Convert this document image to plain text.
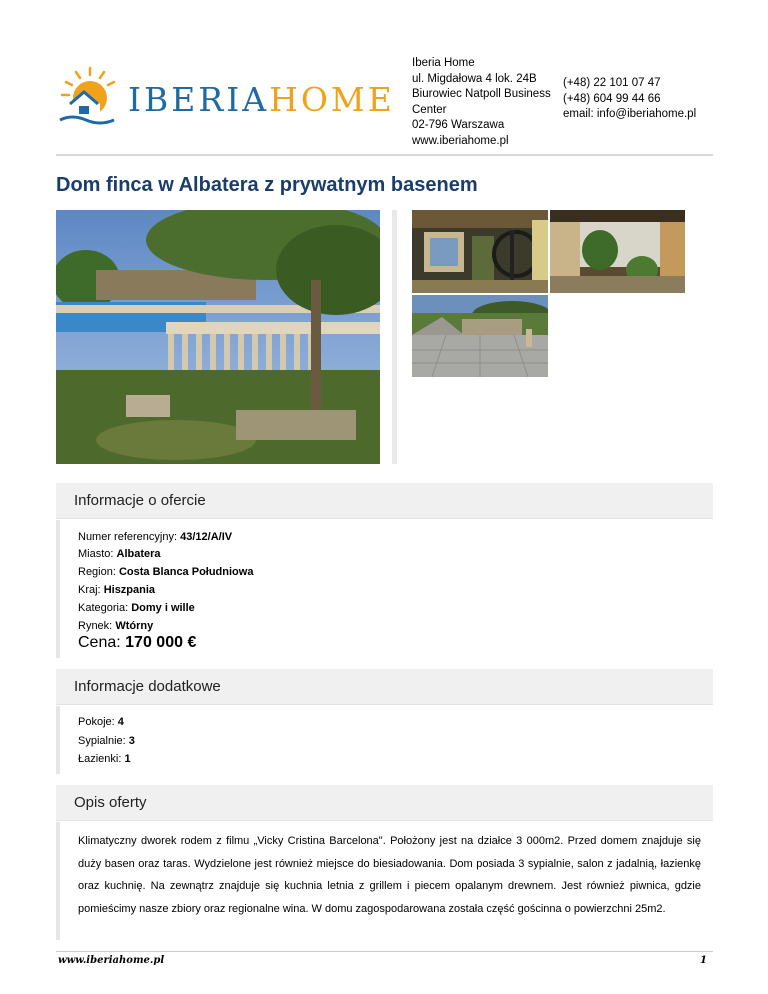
IBERIAHOME
Iberia Home
ul. Migdałowa 4 lok. 24B
Biurowiec Natpoll Business
Center
02-796 Warszawa
www.iberiahome.pl
(+48) 22 101 07 47
(+48) 604 99 44 66
email: info@iberiahome.pl
Dom finca w Albatera z prywatnym basenem
Informacje o ofercie
Numer referencyjny: 43/12/A/IV
Miasto: Albatera
Region: Costa Blanca Południowa
Kraj: Hiszpania
Kategoria: Domy i wille
Rynek: Wtórny
Cena: 170 000 €
Informacje dodatkowe
Pokoje: 4
Sypialnie: 3
Łazienki: 1
Opis oferty

Klimatyczny dworek rodem z filmu „Vicky Cristina Barcelona". Położony jest na działce 3 000m2. Przed domem znajduje się duży basen oraz taras. Wydzielone jest również miejsce do biesiadowania. Dom posiada 3 sypialnie, salon z jadalnią, łazienkę oraz kuchnię. Na zewnątrz znajduje się kuchnia letnia z grillem i piecem opalanym drewnem. Jest również piwnica, gdzie pomieścimy nasze zbiory oraz regionalne wina. W domu zagospodarowana została część gościnna o powierzchni 25m2.

www.iberiahome.pl	1
